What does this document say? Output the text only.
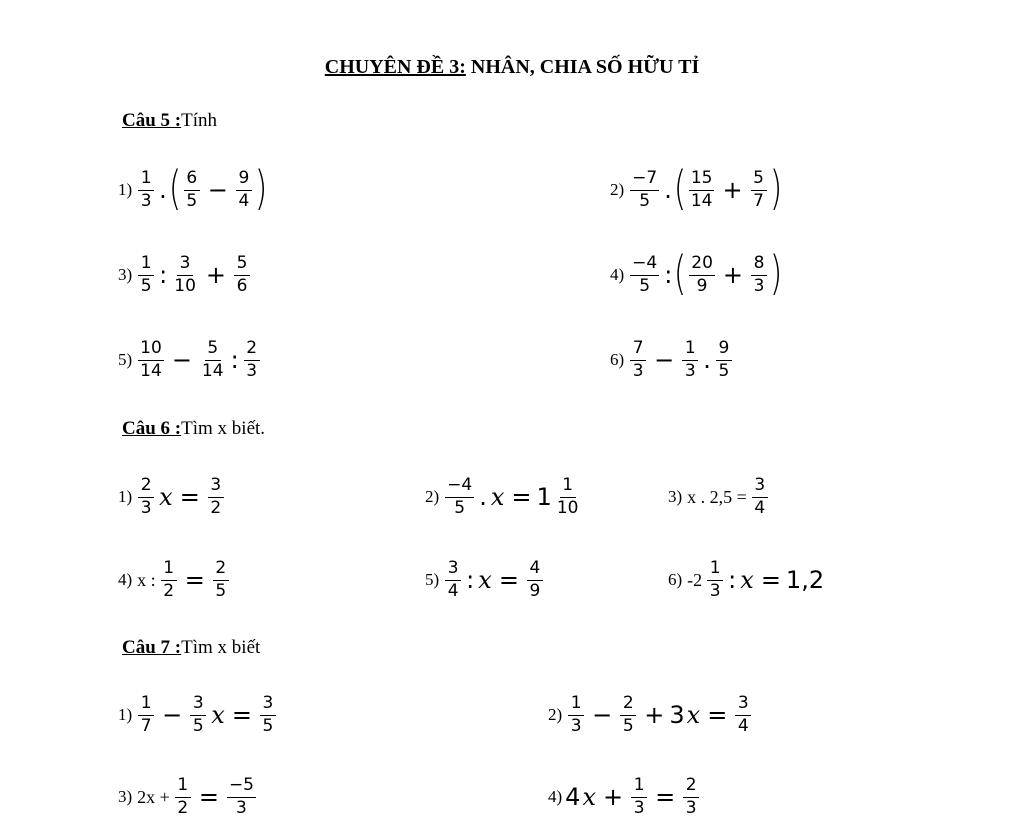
CHUYÊN ĐỀ 3: NHÂN, CHIA SỐ HỮU TỈ
Câu 5 :Tính
$1) \frac{1}{3}$ . ( $\frac{6}{5} - \frac{9}{4}$ )	$2) \frac{-7}{5}$ . ( $\frac{15}{14} + \frac{5}{7}$ )
$3) \frac{1}{5}$ : $\frac{3}{10} + \frac{5}{6}$	$4) \frac{-4}{5}$ : ( $\frac{20}{9} + \frac{8}{3}$ )
$5) \frac{10}{14} - \frac{5}{14}$ : $\frac{2}{3}$	$6) \frac{7}{3} - \frac{1}{3}$ . $\frac{9}{5}$
Câu 6 :Tìm x biết.
$1) \frac{2}{3}$ $x = \frac{3}{2}$	$2) \frac{-4}{5}$ . $x = 1 \frac{1}{10}$	3) x . $2,5 = \frac{3}{4}$
4) x : $\frac{1}{2} = \frac{2}{5}$	$5) \frac{3}{4}$ : $x = \frac{4}{9}$	6) $-2 \frac{1}{3}$ : x = 1,2
Câu 7 :Tìm x biết
$1) \frac{1}{7} - \frac{3}{5}$ $x = \frac{3}{5}$	$2) \frac{1}{3} - \frac{2}{5} + 3$ $x = \frac{3}{4}$
3) $2x + \frac{1}{2} = \frac{-5}{3}$	4) 4 $x + \frac{1}{3} = \frac{2}{3}$
